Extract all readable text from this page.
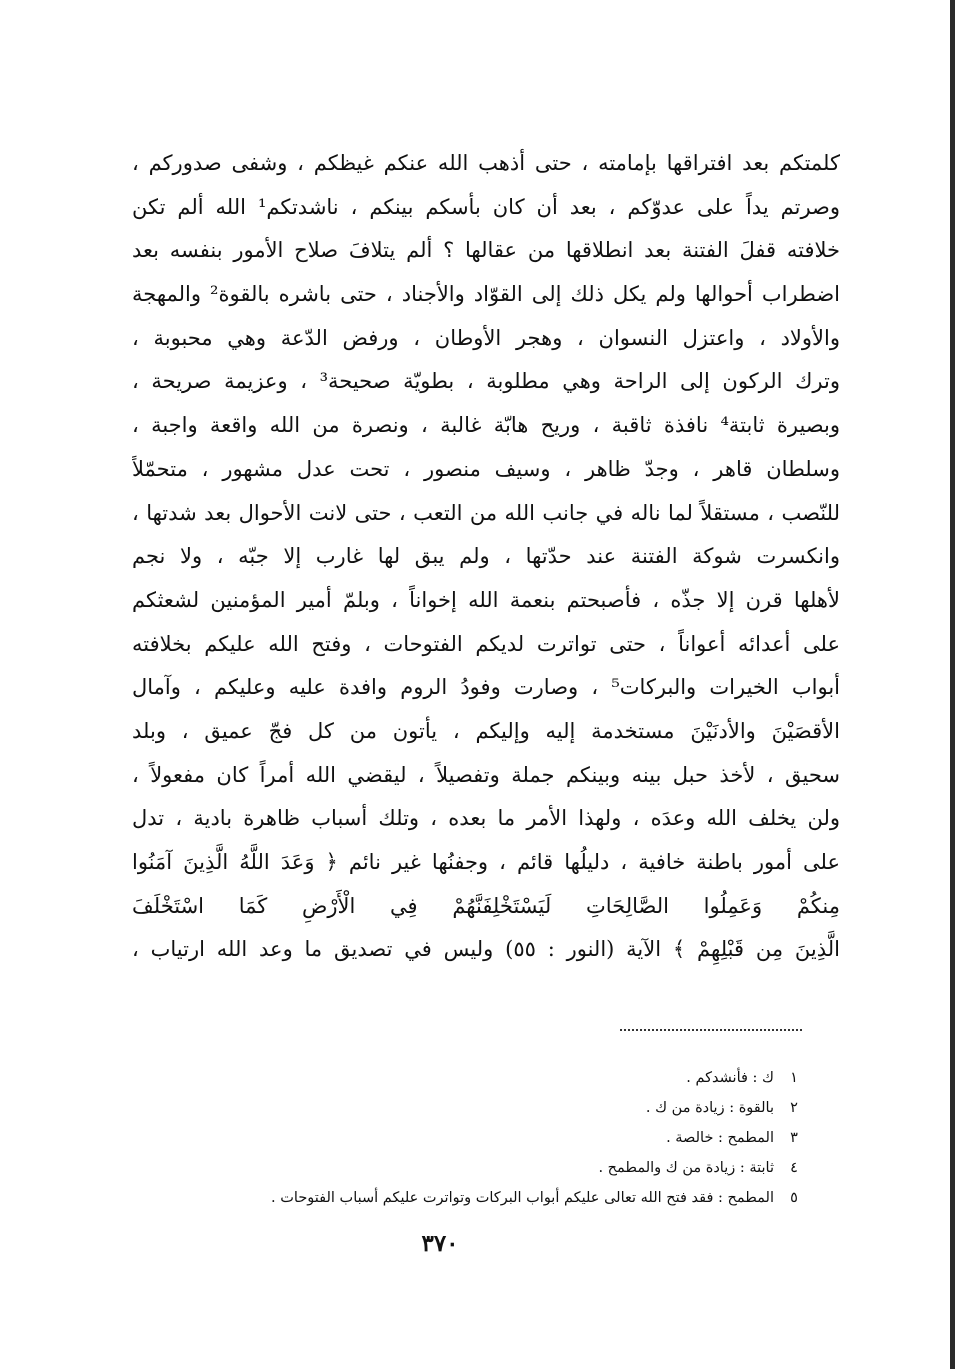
كلمتكم بعد افتراقها بإمامته ، حتى أذهب الله عنكم غيظكم ، وشفى صدوركم ،
وصرتم يداً على عدوّكم ، بعد أن كان بأسكم بينكم ، ناشدتكم¹ الله ألم تكن
خلافته قفلَ الفتنة بعد انطلاقها من عقالها ؟ ألم يتلافَ صلاح الأمور بنفسه بعد
اضطراب أحوالها ولم يكل ذلك إلى القوّاد والأجناد ، حتى باشره بالقوة² والمهجة
والأولاد ، واعتزل النسوان ، وهجر الأوطان ، ورفض الدّعة وهي محبوبة ،
وترك الركون إلى الراحة وهي مطلوبة ، بطويّة صحيحة³ ، وعزيمة صريحة ،
وبصيرة ثابتة⁴ نافذة ثاقبة ، وريح هابّة غالبة ، ونصرة من الله واقعة واجبة ،
وسلطان قاهر ، وجدّ ظاهر ، وسيف منصور ، تحت عدل مشهور ، متحمّلاً
للنّصب ، مستقلاً لما ناله في جانب الله من التعب ، حتى لانت الأحوال بعد شدتها ،
وانكسرت شوكة الفتنة عند حدّتها ، ولم يبق لها غارب إلا جبّه ، ولا نجم
لأهلها قرن إلا جذّه ، فأصبحتم بنعمة الله إخواناً ، وبلمّ أمير المؤمنين لشعثكم
على أعدائه أعواناً ، حتى تواترت لديكم الفتوحات ، وفتح الله عليكم بخلافته
أبواب الخيرات والبركات⁵ ، وصارت وفودُ الروم وافدة عليه وعليكم ، وآمال
الأقصَيْنَ والأدنَيْنَ مستخدمة إليه وإليكم ، يأتون من كل فجّ عميق ، وبلد
سحيق ، لأخذ حبل بينه وبينكم جملة وتفصيلاً ، ليقضي الله أمراً كان مفعولاً ،
ولن يخلف الله وعدَه ، ولهذا الأمر ما بعده ، وتلك أسباب ظاهرة بادية ، تدل
على أمور باطنة خافية ، دليلُها قائم ، وجفنُها غير نائم ﴿ وَعَدَ اللَّهُ الَّذِينَ آمَنُوا
مِنكُمْ وَعَمِلُوا الصَّالِحَاتِ لَيَسْتَخْلِفَنَّهُمْ فِي الْأَرْضِ كَمَا اسْتَخْلَفَ
الَّذِينَ مِن قَبْلِهِمْ ﴾ الآية (النور : ٥٥) وليس في تصديق ما وعد الله ارتياب ،
١
ك : فأنشدكم .
٢
بالقوة : زيادة من ك .
٣
المطمح : خالصة .
٤
ثابتة : زيادة من ك والمطمح .
٥
المطمح : فقد فتح الله تعالى عليكم أبواب البركات وتواترت عليكم أسباب الفتوحات .
٣٧٠
